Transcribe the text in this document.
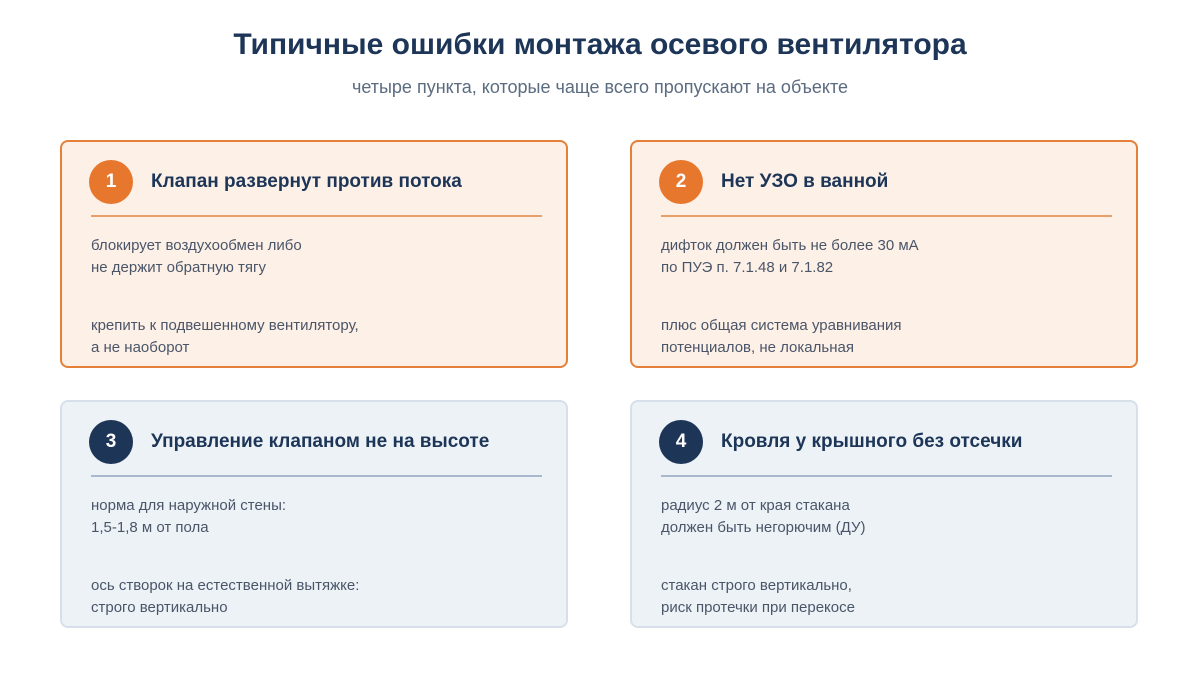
Типичные ошибки монтажа осевого вентилятора
четыре пункта, которые чаще всего пропускают на объекте
1	Клапан развернут против потока
блокирует воздухообмен либо
не держит обратную тягу
крепить к подвешенному вентилятору,
а не наоборот
2	Нет УЗО в ванной
дифток должен быть не более 30 мА
по ПУЭ п. 7.1.48 и 7.1.82
плюс общая система уравнивания
потенциалов, не локальная
3	Управление клапаном не на высоте
норма для наружной стены:
1,5-1,8 м от пола
ось створок на естественной вытяжке:
строго вертикально
4	Кровля у крышного без отсечки
радиус 2 м от края стакана
должен быть негорючим (ДУ)
стакан строго вертикально,
риск протечки при перекосе
